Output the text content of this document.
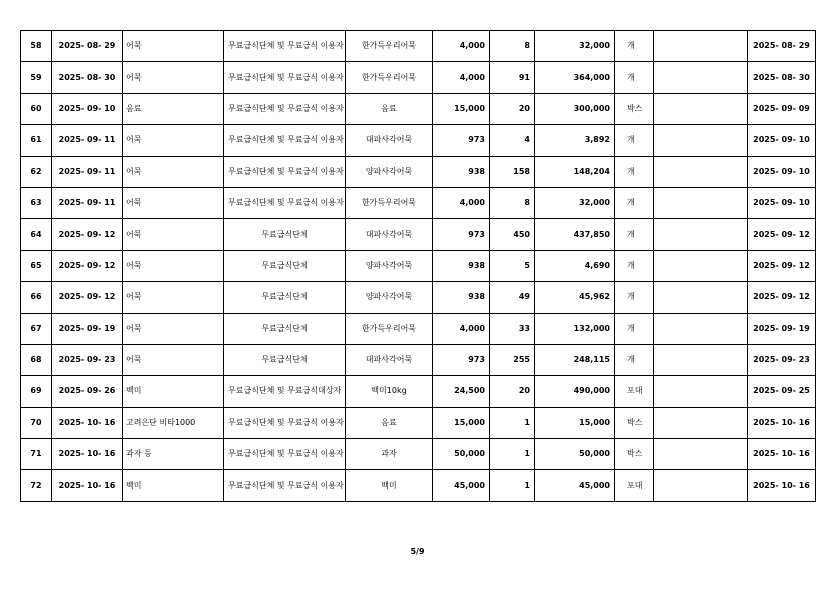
58	2025- 08- 29	어묵	무료급식단체 및 무료급식 이용자	한가득우리어묵	4,000	8	32,000	개		2025- 08- 29
59	2025- 08- 30	어묵	무료급식단체 및 무료급식 이용자	한가득우리어묵	4,000	91	364,000	개		2025- 08- 30
60	2025- 09- 10	음료	무료급식단체 및 무료급식 이용자	음료	15,000	20	300,000	박스		2025- 09- 09
61	2025- 09- 11	어묵	무료급식단체 및 무료급식 이용자	대파사각어묵	973	4	3,892	개		2025- 09- 10
62	2025- 09- 11	어묵	무료급식단체 및 무료급식 이용자	양파사각어묵	938	158	148,204	개		2025- 09- 10
63	2025- 09- 11	어묵	무료급식단체 및 무료급식 이용자	한가득우리어묵	4,000	8	32,000	개		2025- 09- 10
64	2025- 09- 12	어묵	무료급식단체	대파사각어묵	973	450	437,850	개		2025- 09- 12
65	2025- 09- 12	어묵	무료급식단체	양파사각어묵	938	5	4,690	개		2025- 09- 12
66	2025- 09- 12	어묵	무료급식단체	양파사각어묵	938	49	45,962	개		2025- 09- 12
67	2025- 09- 19	어묵	무료급식단체	한가득우리어묵	4,000	33	132,000	개		2025- 09- 19
68	2025- 09- 23	어묵	무료급식단체	대파사각어묵	973	255	248,115	개		2025- 09- 23
69	2025- 09- 26	백미	무료급식단체 및 무료급식대상자	백미10kg	24,500	20	490,000	포대		2025- 09- 25
70	2025- 10- 16	고려은단 비타1000	무료급식단체 및 무료급식 이용자	음료	15,000	1	15,000	박스		2025- 10- 16
71	2025- 10- 16	과자 등	무료급식단체 및 무료급식 이용자	과자	50,000	1	50,000	박스		2025- 10- 16
72	2025- 10- 16	백미	무료급식단체 및 무료급식 이용자	백미	45,000	1	45,000	포대		2025- 10- 16
5/9
